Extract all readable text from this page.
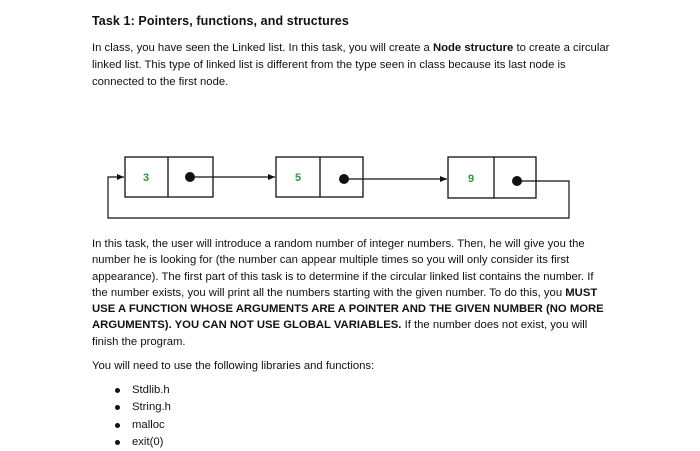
Task 1: Pointers, functions, and structures
In class, you have seen the Linked list. In this task, you will create a Node structure to create a circular linked list. This type of linked list is different from the type seen in class because its last node is connected to the first node.
3	5	9
In this task, the user will introduce a random number of integer numbers. Then, he will give you the number he is looking for (the number can appear multiple times so you will only consider its first appearance). The first part of this task is to determine if the circular linked list contains the number. If the number exists, you will print all the numbers starting with the given number. To do this, you MUST USE A FUNCTION WHOSE ARGUMENTS ARE A POINTER AND THE GIVEN NUMBER (NO MORE ARGUMENTS). YOU CAN NOT USE GLOBAL VARIABLES. If the number does not exist, you will finish the program.
You will need to use the following libraries and functions:
Stdlib.h
String.h
malloc
exit(0)
